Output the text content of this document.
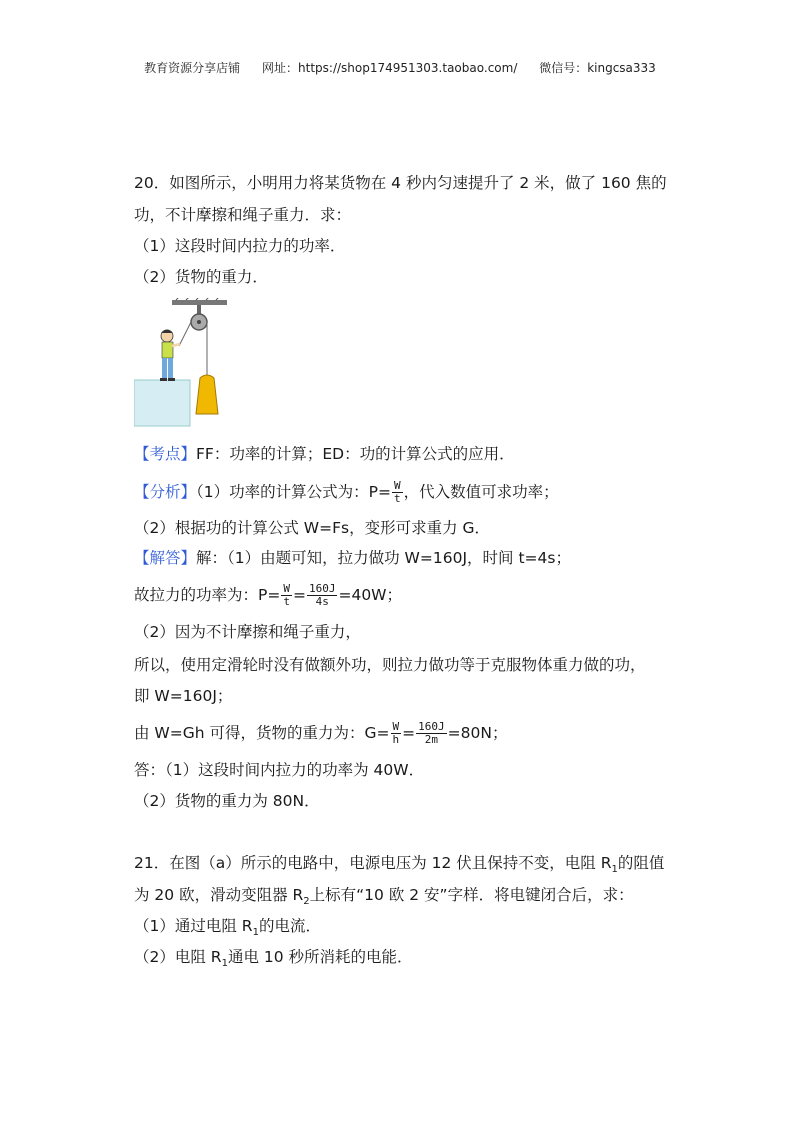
教育资源分享店铺 网址：https://shop174951303.taobao.com/ 微信号：kingcsa333
20．如图所示，小明用力将某货物在 4 秒内匀速提升了 2 米，做了 160 焦的
功，不计摩擦和绳子重力．求：
（1）这段时间内拉力的功率．
（2）货物的重力．
【考点】FF：功率的计算；ED：功的计算公式的应用．
【分析】（1）功率的计算公式为：$P= \frac{W}{t}$ ，代入数值可求功率；
（2）根据功的计算公式 W=Fs，变形可求重力 G．
【解答】解：（1）由题可知，拉力做功 W=160J，时间 t=4s；
故拉力的功率为：$P= \frac{W}{t} = \frac{160J}{4s} =40W$；
（2）因为不计摩擦和绳子重力，
所以，使用定滑轮时没有做额外功，则拉力做功等于克服物体重力做的功，
即 W=160J；
由 W=Gh 可得，货物的重力为：$G= \frac{W}{h} = \frac{160J}{2m} =80N$；
答：（1）这段时间内拉力的功率为 40W．
（2）货物的重力为 80N．
21．在图（a）所示的电路中，电源电压为 12 伏且保持不变，电阻 $R_1$的阻值
为 20 欧，滑动变阻器 $R_2$上标有“10 欧 2 安”字样．将电键闭合后，求：
（1）通过电阻 $R_1$的电流．
（2）电阻 $R_1$通电 10 秒所消耗的电能．
